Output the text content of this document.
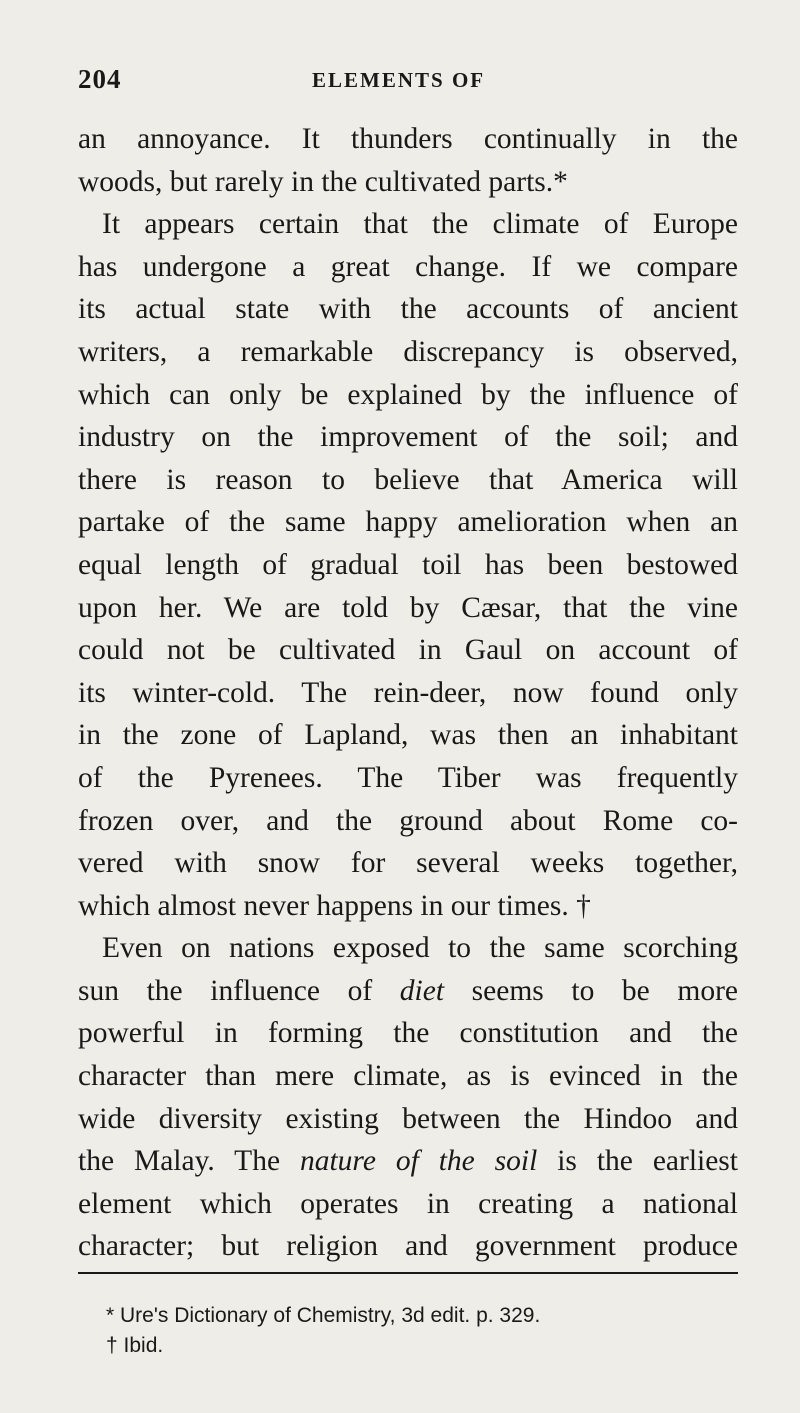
204	ELEMENTS OF
an annoyance. It thunders continually in the
woods, but rarely in the cultivated parts.*
It appears certain that the climate of Europe
has undergone a great change. If we compare
its actual state with the accounts of ancient
writers, a remarkable discrepancy is observed,
which can only be explained by the influence of
industry on the improvement of the soil; and
there is reason to believe that America will
partake of the same happy amelioration when an
equal length of gradual toil has been bestowed
upon her. We are told by Cæsar, that the vine
could not be cultivated in Gaul on account of
its winter-cold. The rein-deer, now found only
in the zone of Lapland, was then an inhabitant
of the Pyrenees. The Tiber was frequently
frozen over, and the ground about Rome co-
vered with snow for several weeks together,
which almost never happens in our times. †
Even on nations exposed to the same scorching
sun the influence of diet seems to be more
powerful in forming the constitution and the
character than mere climate, as is evinced in the
wide diversity existing between the Hindoo and
the Malay. The nature of the soil is the earliest
element which operates in creating a national
character; but religion and government produce
* Ure's Dictionary of Chemistry, 3d edit. p. 329.
† Ibid.
